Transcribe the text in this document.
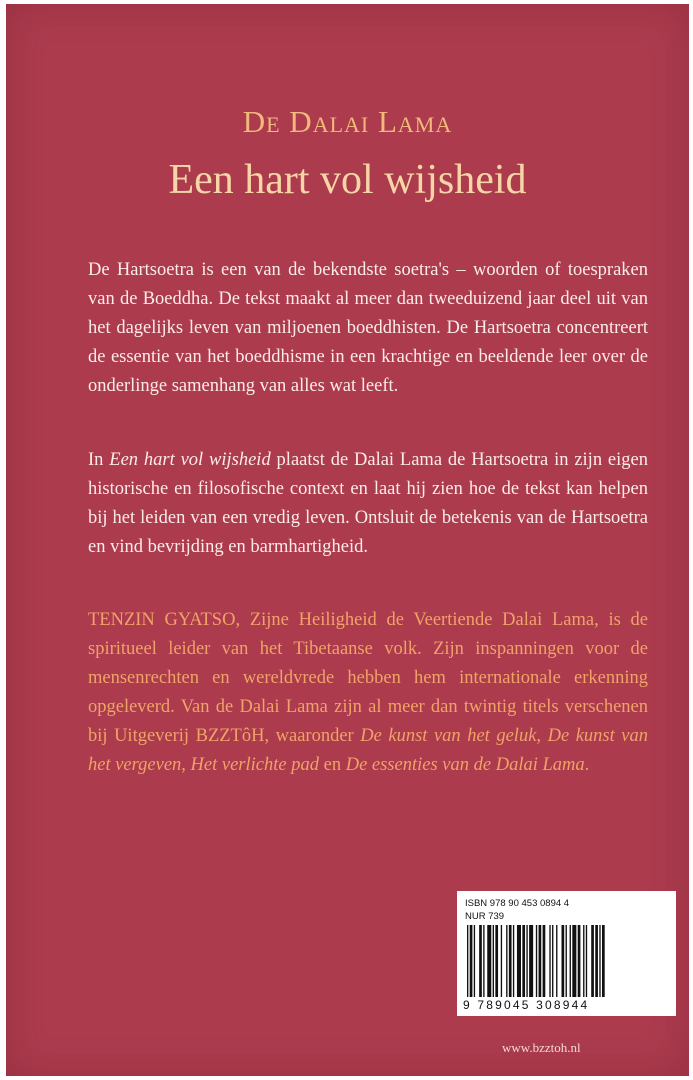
De Dalai Lama
Een hart vol wijsheid
De Hartsoetra is een van de bekendste soetra's – woorden of toespraken van de Boeddha. De tekst maakt al meer dan tweeduizend jaar deel uit van het dagelijks leven van miljoenen boeddhisten. De Hartsoetra concentreert de essentie van het boeddhisme in een krachtige en beeldende leer over de onderlinge samenhang van alles wat leeft.
In Een hart vol wijsheid plaatst de Dalai Lama de Hartsoetra in zijn eigen historische en filosofische context en laat hij zien hoe de tekst kan helpen bij het leiden van een vredig leven. Ontsluit de betekenis van de Hartsoetra en vind bevrijding en barmhartigheid.
TENZIN GYATSO, Zijne Heiligheid de Veertiende Dalai Lama, is de spiritueel leider van het Tibetaanse volk. Zijn inspanningen voor de mensenrechten en wereldvrede hebben hem internationale erkenning opgeleverd. Van de Dalai Lama zijn al meer dan twintig titels verschenen bij Uitgeverij BZZTôH, waaronder De kunst van het geluk, De kunst van het vergeven, Het verlichte pad en De essenties van de Dalai Lama.
ISBN 978 90 453 0894 4
NUR 739
9 789045 308944
www.bzztoh.nl
